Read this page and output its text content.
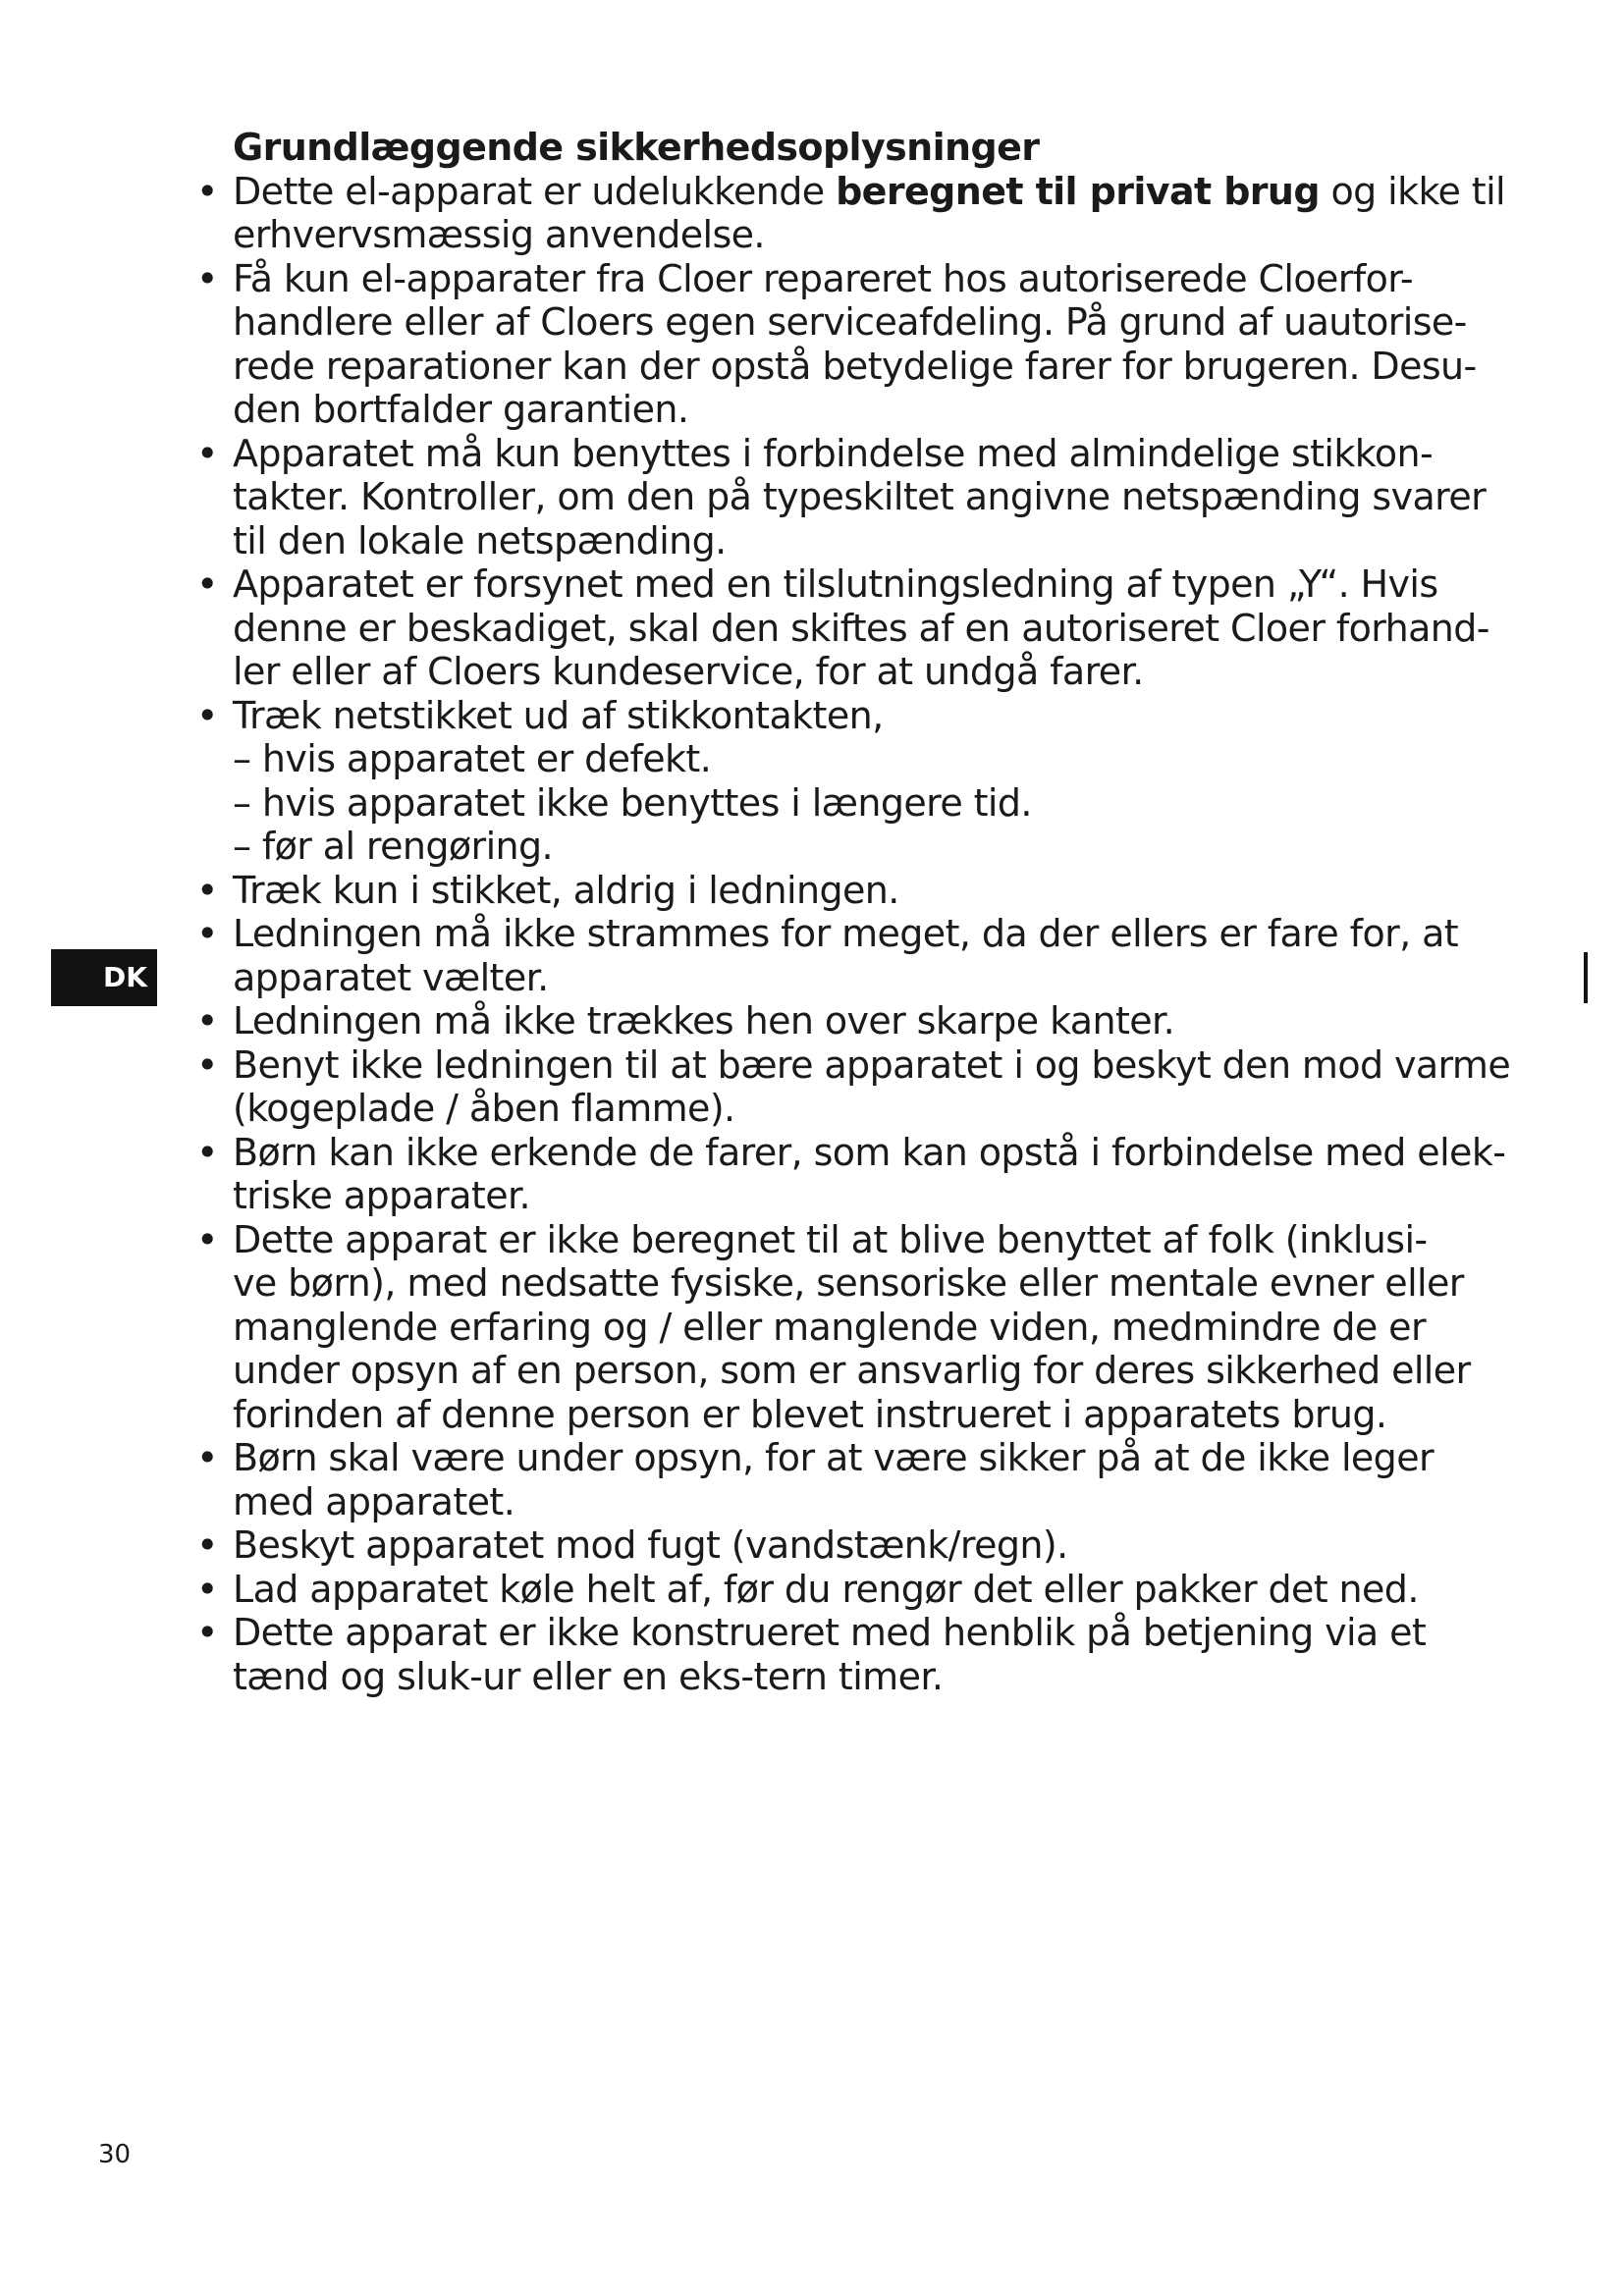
Grundlæggende sikkerhedsoplysninger
• Dette el-apparat er udelukkende beregnet til privat brug og ikke til
erhvervsmæssig anvendelse.
• Få kun el-apparater fra Cloer repareret hos autoriserede Cloerfor-
handlere eller af Cloers egen serviceafdeling. På grund af uautorise-
rede reparationer kan der opstå betydelige farer for brugeren. Desu-
den bortfalder garantien.
• Apparatet må kun benyttes i forbindelse med almindelige stikkon-
takter. Kontroller, om den på typeskiltet angivne netspænding svarer
til den lokale netspænding.
• Apparatet er forsynet med en tilslutningsledning af typen „Y“. Hvis
denne er beskadiget, skal den skiftes af en autoriseret Cloer forhand-
ler eller af Cloers kundeservice, for at undgå farer.
• Træk netstikket ud af stikkontakten,
– hvis apparatet er defekt.
– hvis apparatet ikke benyttes i længere tid.
– før al rengøring.
• Træk kun i stikket, aldrig i ledningen.
• Ledningen må ikke strammes for meget, da der ellers er fare for, at
apparatet vælter.
• Ledningen må ikke trækkes hen over skarpe kanter.
• Benyt ikke ledningen til at bære apparatet i og beskyt den mod varme
(kogeplade / åben flamme).
• Børn kan ikke erkende de farer, som kan opstå i forbindelse med elek-
triske apparater.
• Dette apparat er ikke beregnet til at blive benyttet af folk (inklusi-
ve børn), med nedsatte fysiske, sensoriske eller mentale evner eller
manglende erfaring og / eller manglende viden, medmindre de er
under opsyn af en person, som er ansvarlig for deres sikkerhed eller
forinden af denne person er blevet instrueret i apparatets brug.
• Børn skal være under opsyn, for at være sikker på at de ikke leger
med apparatet.
• Beskyt apparatet mod fugt (vandstænk/regn).
• Lad apparatet køle helt af, før du rengør det eller pakker det ned.
• Dette apparat er ikke konstrueret med henblik på betjening via et
tænd og sluk-ur eller en eks-tern timer.
DK
30
